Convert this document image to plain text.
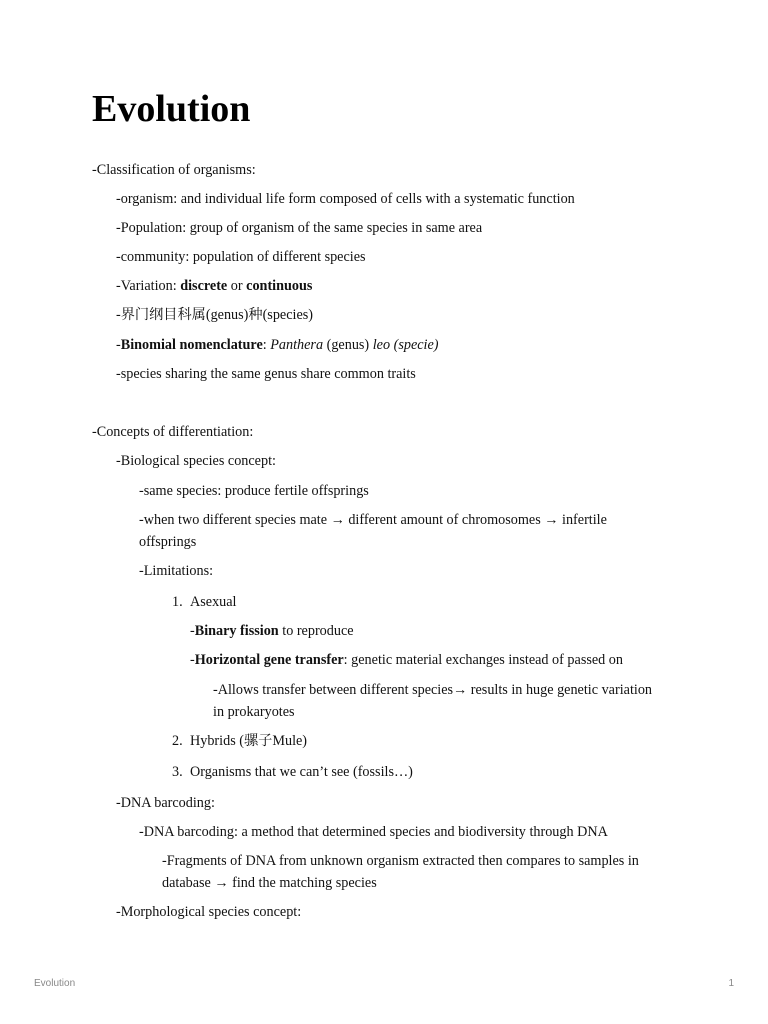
Evolution

-Classification of organisms:

-organism: and individual life form composed of cells with a systematic function

-Population: group of organism of the same species in same area

-community: population of different species

-Variation: discrete or continuous

-界门纲目科属(genus)种(species)

-Binomial nomenclature: Panthera (genus) leo (specie)

-species sharing the same genus share common traits

-Concepts of differentiation:

-Biological species concept:

-same species: produce fertile offsprings

-when two different species mate → different amount of chromosomes → infertile offsprings

-Limitations:

1. Asexual

-Binary fission to reproduce

-Horizontal gene transfer: genetic material exchanges instead of passed on

-Allows transfer between different species→ results in huge genetic variation in prokaryotes

2. Hybrids (骡子Mule)

3. Organisms that we can’t see (fossils…)

-DNA barcoding:

-DNA barcoding: a method that determined species and biodiversity through DNA

-Fragments of DNA from unknown organism extracted then compares to samples in database → find the matching species

-Morphological species concept:

Evolution	1
